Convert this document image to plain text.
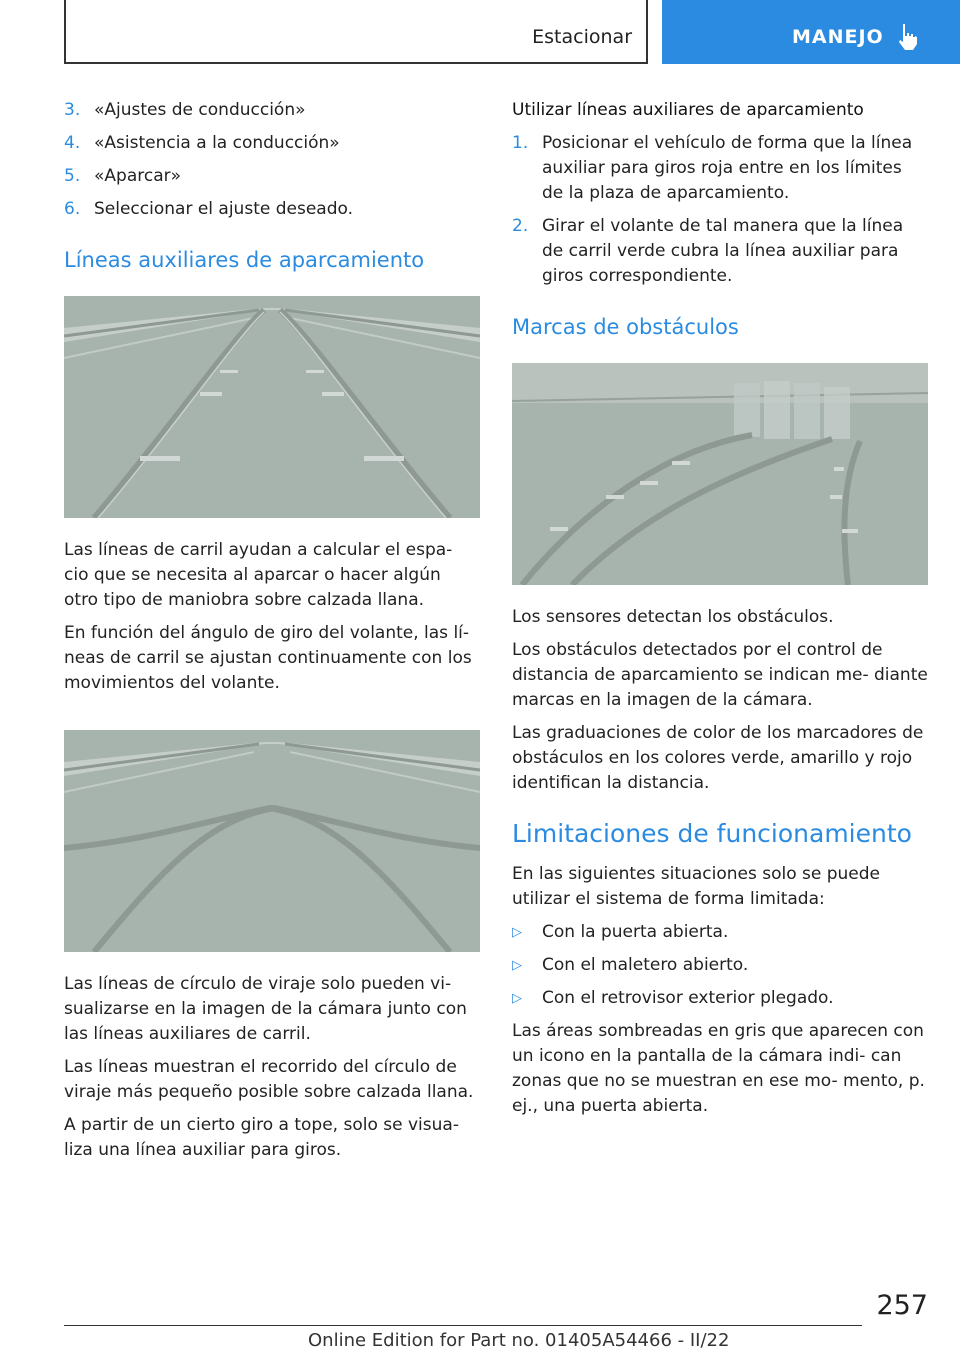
Estacionar	MANEJO
3. «Ajustes de conducción»
4. «Asistencia a la conducción»
5. «Aparcar»
6. Seleccionar el ajuste deseado.
Líneas auxiliares de aparcamiento

Las líneas de carril ayudan a calcular el espa- cio que se necesita al aparcar o hacer algún otro tipo de maniobra sobre calzada llana.

En función del ángulo de giro del volante, las lí- neas de carril se ajustan continuamente con los movimientos del volante.

Las líneas de círculo de viraje solo pueden vi- sualizarse en la imagen de la cámara junto con las líneas auxiliares de carril.

Las líneas muestran el recorrido del círculo de viraje más pequeño posible sobre calzada llana.

A partir de un cierto giro a tope, solo se visua- liza una línea auxiliar para giros.

Utilizar líneas auxiliares de aparcamiento
1. Posicionar el vehículo de forma que la línea auxiliar para giros roja entre en los límites de la plaza de aparcamiento.
2. Girar el volante de tal manera que la línea de carril verde cubra la línea auxiliar para giros correspondiente.
Marcas de obstáculos

Los sensores detectan los obstáculos.

Los obstáculos detectados por el control de distancia de aparcamiento se indican me- diante marcas en la imagen de la cámara.

Las graduaciones de color de los marcadores de obstáculos en los colores verde, amarillo y rojo identifican la distancia.

Limitaciones de funcionamiento

En las siguientes situaciones solo se puede utilizar el sistema de forma limitada:

▷	Con la puerta abierta.
▷	Con el maletero abierto.
▷	Con el retrovisor exterior plegado.

Las áreas sombreadas en gris que aparecen con un icono en la pantalla de la cámara indi- can zonas que no se muestran en ese mo- mento, p. ej., una puerta abierta.

257
Online Edition for Part no. 01405A54466 - II/22
